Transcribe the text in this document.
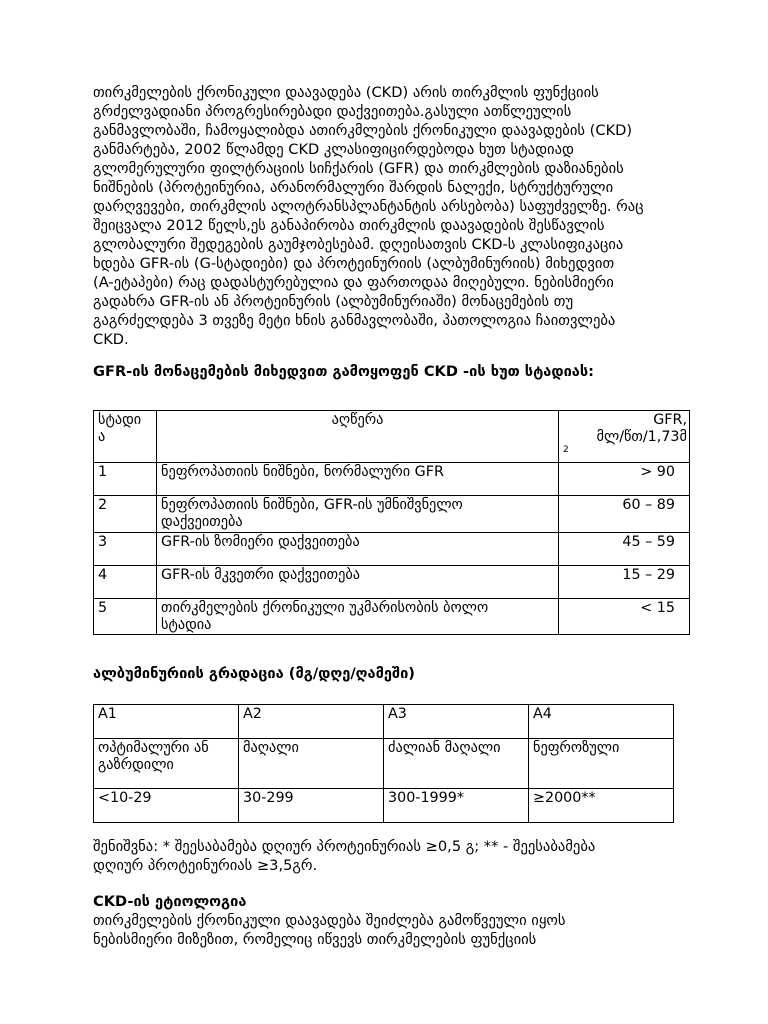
თირკმელების ქრონიკული დაავადება (CKD) არის თირკმლის ფუნქციის
გრძელვადიანი პროგრესირებადი დაქვეითება.გასული ათწლეულის
განმავლობაში, ჩამოყალიბდა ათირკმლების ქრონიკული დაავადების (CKD)
განმარტება, 2002 წლამდე CKD კლასიფიცირდებოდა ხუთ სტადიად
გლომერულური ფილტრაციის სიჩქარის (GFR) და თირკმლების დაზიანების
ნიშნების (პროტეინურია, არანორმალური შარდის ნალექი, სტრუქტურული
დარღვევები, თირკმლის ალოტრანსპლანტანტის არსებობა) საფუძველზე. რაც
შეიცვალა 2012 წელს,ეს განაპირობა თირკმლის დაავადების შესწავლის
გლობალური შედეგების გაუმჯობესებამ. დღეისათვის CKD-ს კლასიფიკაცია
ხდება GFR-ის (G-სტადიები) და პროტეინურიის (ალბუმინურიის) მიხედვით
(A-ეტაპები) რაც დადასტურებულია და ფართოდაა მიღებული. ნებისმიერი
გადახრა GFR-ის ან პროტეინურის (ალბუმინურიაში) მონაცემების თუ
გაგრძელდება 3 თვეზე მეტი ხნის განმავლობაში, პათოლოგია ჩაითვლება
CKD.

GFR-ის მონაცემების მიხედვით გამოყოფენ CKD -ის ხუთ სტადიას:

სტადი
ა	აღწერა	GFR,
მლ/წთ/1,73მ
2

1	ნეფროპათიის ნიშნები, ნორმალური GFR	> 90
2	ნეფროპათიის ნიშნები, GFR-ის უმნიშვნელო
დაქვეითება	60 – 89
3	GFR-ის ზომიერი დაქვეითება	45 – 59
4	GFR-ის მკვეთრი დაქვეითება	15 – 29
5	თირკმელების ქრონიკული უკმარისობის ბოლო
სტადია	< 15

ალბუმინურიის გრადაცია (მგ/დღე/ღამეში)

A1	A2	A3	A4
ოპტიმალური ან
გაზრდილი	მაღალი	ძალიან მაღალი	ნეფროზული
<10-29	30-299	300-1999*	≥2000**

შენიშვნა: * შეესაბამება დღიურ პროტეინურიას ≥0,5 გ; ** - შეესაბამება
დღიურ პროტეინურიას ≥3,5გრ.

CKD-ის ეტიოლოგია

თირკმელების ქრონიკული დაავადება შეიძლება გამოწვეული იყოს
ნებისმიერი მიზეზით, რომელიც იწვევს თირკმელების ფუნქციის
